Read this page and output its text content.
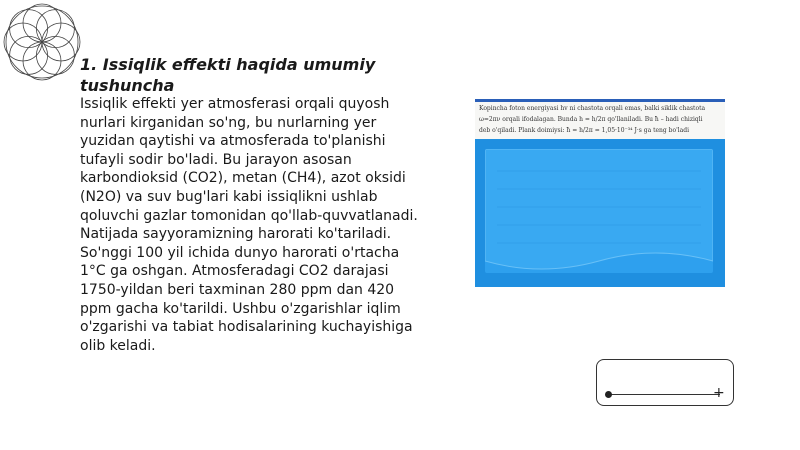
1. Issiqlik effekti haqida umumiy tushuncha

Issiqlik effekti yer atmosferasi orqali quyosh nurlari kirganidan so'ng, bu nurlarning yer yuzidan qaytishi va atmosferada to'planishi tufayli sodir bo'ladi. Bu jarayon asosan karbondioksid (CO2), metan (CH4), azot oksidi (N2O) va suv bug'lari kabi issiqlikni ushlab qoluvchi gazlar tomonidan qo'llab-quvvatlanadi. Natijada sayyoramizning harorati ko'tariladi. So'nggi 100 yil ichida dunyo harorati o'rtacha 1°C ga oshgan. Atmosferadagi CO2 darajasi 1750-yildan beri taxminan 280 ppm dan 420 ppm gacha ko'tarildi. Ushbu o'zgarishlar iqlim o'zgarishi va tabiat hodisalarining kuchayishiga olib keladi.

Kopincha foton energiyasi hv ni chastota orqali emas, balki siklik chastota
ω=2πν orqali ifodalagan. Bunda h = h/2π qo'llaniladi. Bu ħ – hadi chiziqli
deb o'qiladi. Plank doimiysi: ħ = h/2π = 1,05·10⁻³⁴ J·s ga teng bo'ladi
+
